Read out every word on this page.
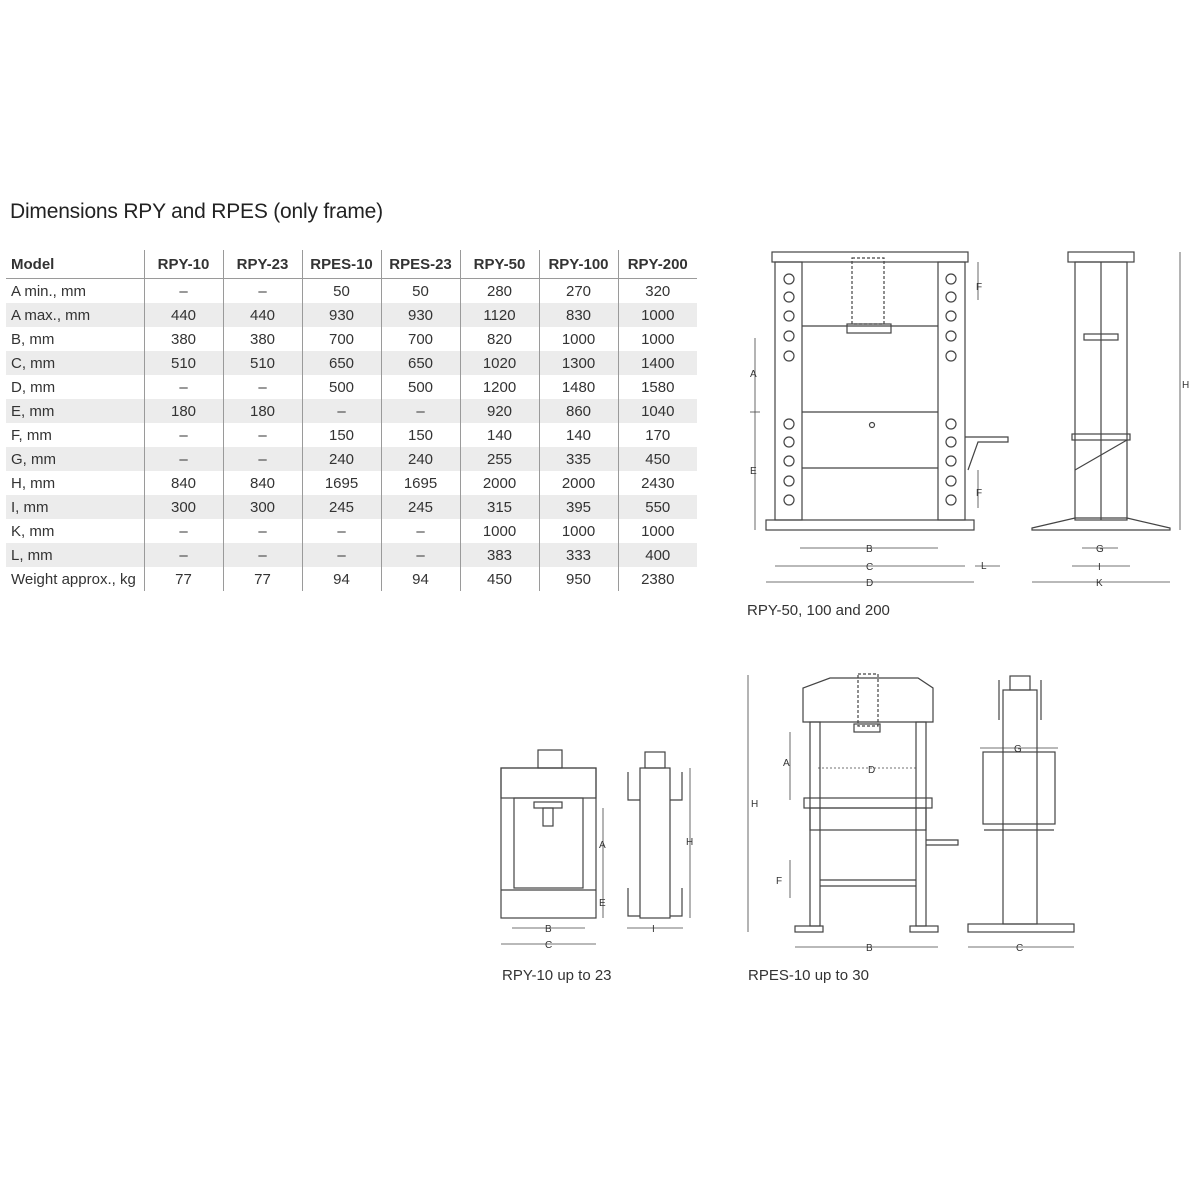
Dimensions RPY and RPES (only frame)
Model	RPY-10	RPY-23	RPES-10	RPES-23	RPY-50	RPY-100	RPY-200
A min., mm	–	–	50	50	280	270	320
A max., mm	440	440	930	930	1120	830	1000
B, mm	380	380	700	700	820	1000	1000
C, mm	510	510	650	650	1020	1300	1400
D, mm	–	–	500	500	1200	1480	1580
E, mm	180	180	–	–	920	860	1040
F, mm	–	–	150	150	140	140	170
G, mm	–	–	240	240	255	335	450
H, mm	840	840	1695	1695	2000	2000	2430
I, mm	300	300	245	245	315	395	550
K, mm	–	–	–	–	1000	1000	1000
L, mm	–	–	–	–	383	333	400
Weight approx., kg	77	77	94	94	450	950	2380
A
E
B
C
D
L
F
F
H
G
I
K
B
C
A
E
H
I
A
D
F
H
B
G
C
RPY-50, 100 and 200
RPY-10 up to 23	RPES-10 up to 30
